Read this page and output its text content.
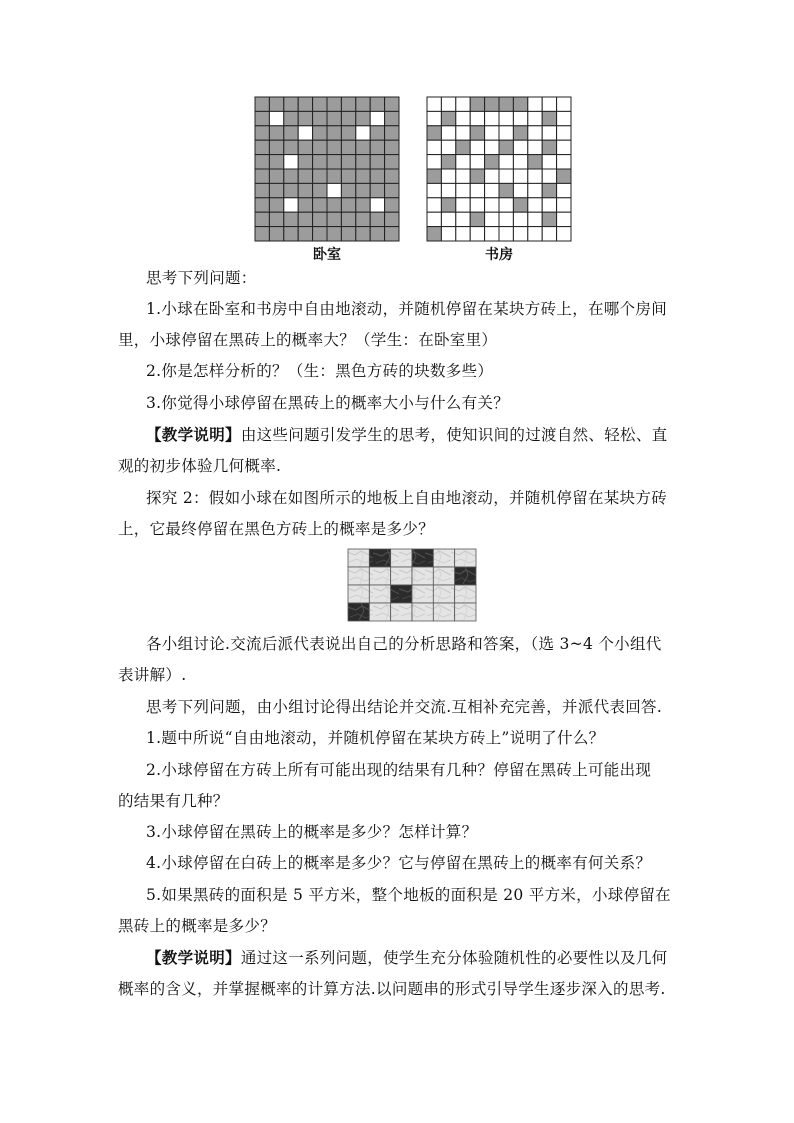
卧室	书房
思考下列问题：
1.小球在卧室和书房中自由地滚动，并随机停留在某块方砖上，在哪个房间
里，小球停留在黑砖上的概率大？（学生：在卧室里）
2.你是怎样分析的？（生：黑色方砖的块数多些）
3.你觉得小球停留在黑砖上的概率大小与什么有关？
【教学说明】由这些问题引发学生的思考，使知识间的过渡自然、轻松、直
观的初步体验几何概率.
探究 2：假如小球在如图所示的地板上自由地滚动，并随机停留在某块方砖
上，它最终停留在黑色方砖上的概率是多少？
各小组讨论.交流后派代表说出自己的分析思路和答案，（选 3~4 个小组代
表讲解）.
思考下列问题，由小组讨论得出结论并交流.互相补充完善，并派代表回答.
1.题中所说“自由地滚动，并随机停留在某块方砖上”说明了什么？
2.小球停留在方砖上所有可能出现的结果有几种？停留在黑砖上可能出现
的结果有几种？
3.小球停留在黑砖上的概率是多少？怎样计算？
4.小球停留在白砖上的概率是多少？它与停留在黑砖上的概率有何关系？
5.如果黑砖的面积是 5 平方米，整个地板的面积是 20 平方米，小球停留在
黑砖上的概率是多少？
【教学说明】通过这一系列问题，使学生充分体验随机性的必要性以及几何
概率的含义，并掌握概率的计算方法.以问题串的形式引导学生逐步深入的思考.
